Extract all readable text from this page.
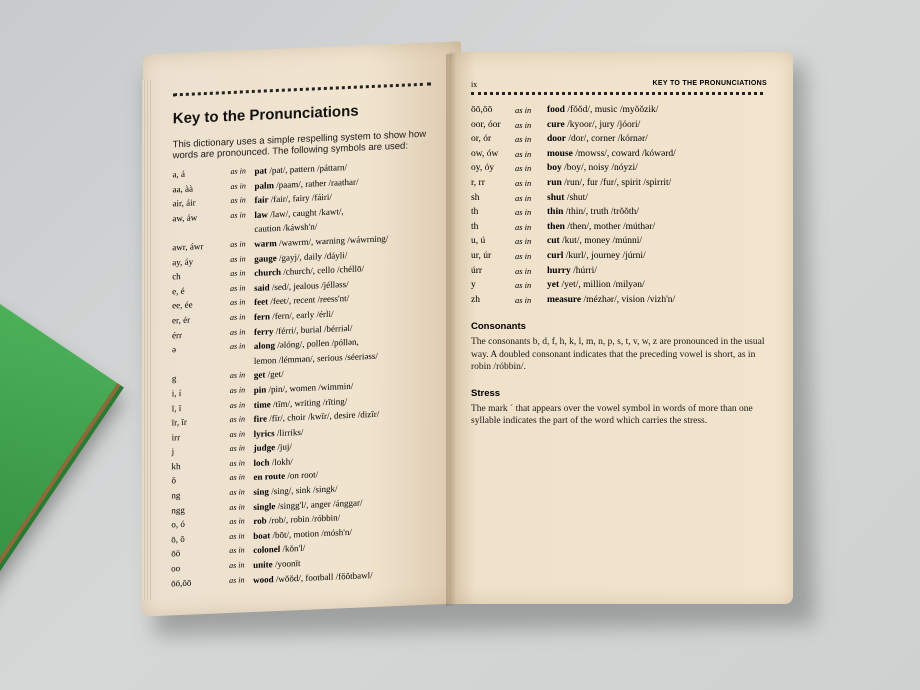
Key to the Pronunciations
This dictionary uses a simple respelling system to show how words are pronounced. The following symbols are used:
a, á	as in pat /pat/, pattern /páttarn/
aa, àà	as in palm /paam/, rather /raathar/
air, áir	as in fair /fair/, fairy /fáiri/
aw, áw	as in law /law/, caught /kawt/,
caution /káwsh'n/
awr, áwr	as in warm /wawrm/, warning /wáwrning/
ay, áy	as in gauge /gayj/, daily /dáyli/
ch	as in church /church/, cello /chéllō/
e, é	as in said /sed/, jealous /jélləss/
ee, ée	as in feet /feet/, recent /reess'nt/
er, ér	as in fern /fern/, early /érli/
érr	as in ferry /férri/, burial /bérriəl/
ə	as in along /əlóng/, pollen /póllən,
lemon /lémmən/, serious /séeriəss/
g	as in get /get/
i, í	as in pin /pin/, women /wimmin/
ī, ī	as in time /tīm/, writing /rīting/
īr, īr	as in fire /fīr/, choir /kwīr/, desire /dizīr/
irr	as in lyrics /lirriks/
j	as in judge /juj/
kh	as in loch /lokh/
ŏ	as in en route /on root/
ng	as in sing /sing/, sink /singk/
ngg	as in single /singg'l/, anger /ánggar/
o, ó	as in rob /rob/, robin /róbbin/
ō, ō	as in boat /bōt/, motion /mósh'n/
ōō	as in colonel /kŏn'l/
oo	as in unite /yoonīt
ōō,ōō	as in wood /wŏŏd/, football /fŏŏtbawl/
ix	KEY TO THE PRONUNCIATIONS
ōō,ōō	as in	food /fŏŏd/, music /myŏŏzik/
oor, óor	as in	cure /kyoor/, jury /jóori/
or, ór	as in	door /dor/, corner /kórnər/
ow, ów	as in	mouse /mowss/, coward /kówərd/
oy, óy	as in	boy /boy/, noisy /nóyzi/
r, rr	as in	run /run/, fur /fur/, spirit /spirrit/
sh	as in	shut /shut/
th	as in	thin /thin/, truth /trŏŏth/
th	as in	then /then/, mother /múthər/
u, ú	as in	cut /kut/, money /múnni/
ur, úr	as in	curl /kurl/, journey /júrni/
úrr	as in	hurry /húrri/
y	as in	yet /yet/, million /milyən/
zh	as in	measure /mézhər/, vision /vizh'n/
Consonants

The consonants b, d, f, h, k, l, m, n, p, s, t, v, w, z are pronounced in the usual way. A doubled consonant indicates that the preceding vowel is short, as in robin /róbbin/.

Stress

The mark ´ that appears over the vowel symbol in words of more than one syllable indicates the part of the word which carries the stress.
